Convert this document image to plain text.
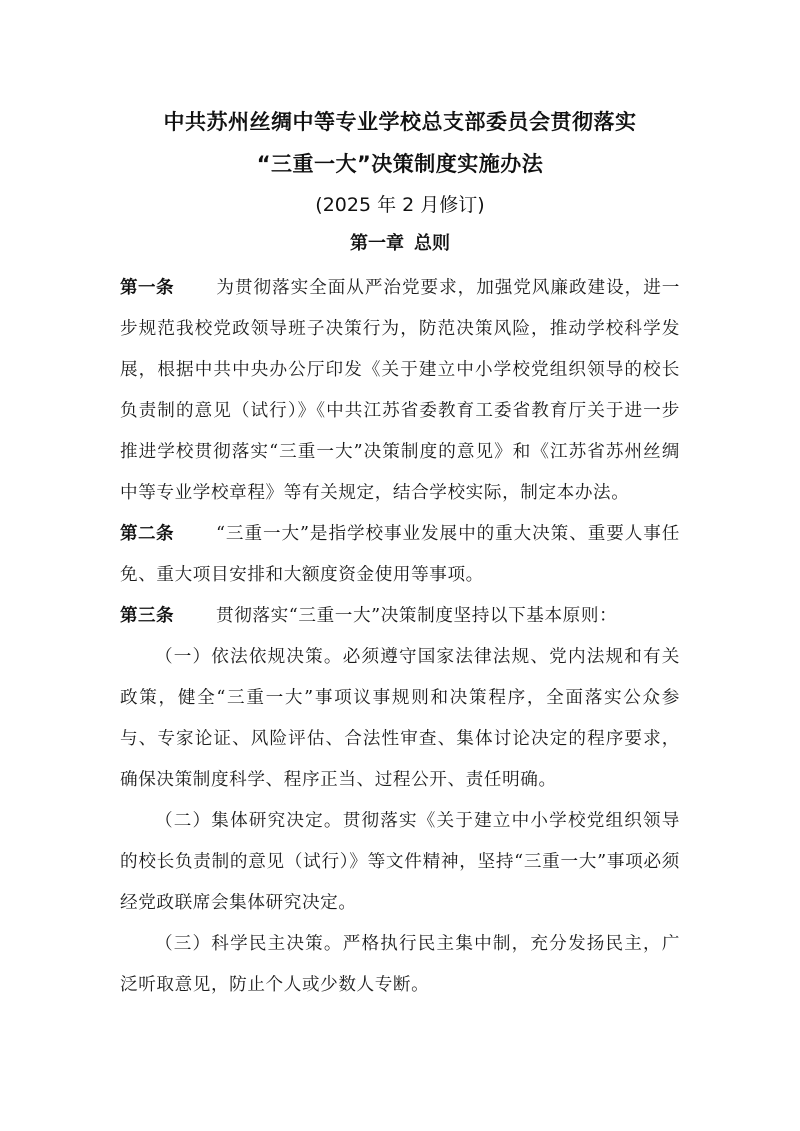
中共苏州丝绸中等专业学校总支部委员会贯彻落实
“三重一大”决策制度实施办法
(2025 年 2 月修订)
第一章 总则

第一条 为贯彻落实全面从严治党要求，加强党风廉政建设，进一步规范我校党政领导班子决策行为，防范决策风险，推动学校科学发展，根据中共中央办公厅印发《关于建立中小学校党组织领导的校长负责制的意见（试行）》《中共江苏省委教育工委省教育厅关于进一步推进学校贯彻落实“三重一大”决策制度的意见》和《江苏省苏州丝绸中等专业学校章程》等有关规定，结合学校实际，制定本办法。

第二条 “三重一大”是指学校事业发展中的重大决策、重要人事任免、重大项目安排和大额度资金使用等事项。

第三条 贯彻落实“三重一大”决策制度坚持以下基本原则：

（一）依法依规决策。必须遵守国家法律法规、党内法规和有关政策，健全“三重一大”事项议事规则和决策程序，全面落实公众参与、专家论证、风险评估、合法性审查、集体讨论决定的程序要求，确保决策制度科学、程序正当、过程公开、责任明确。

（二）集体研究决定。贯彻落实《关于建立中小学校党组织领导的校长负责制的意见（试行）》等文件精神，坚持“三重一大”事项必须经党政联席会集体研究决定。

（三）科学民主决策。严格执行民主集中制，充分发扬民主，广泛听取意见，防止个人或少数人专断。
